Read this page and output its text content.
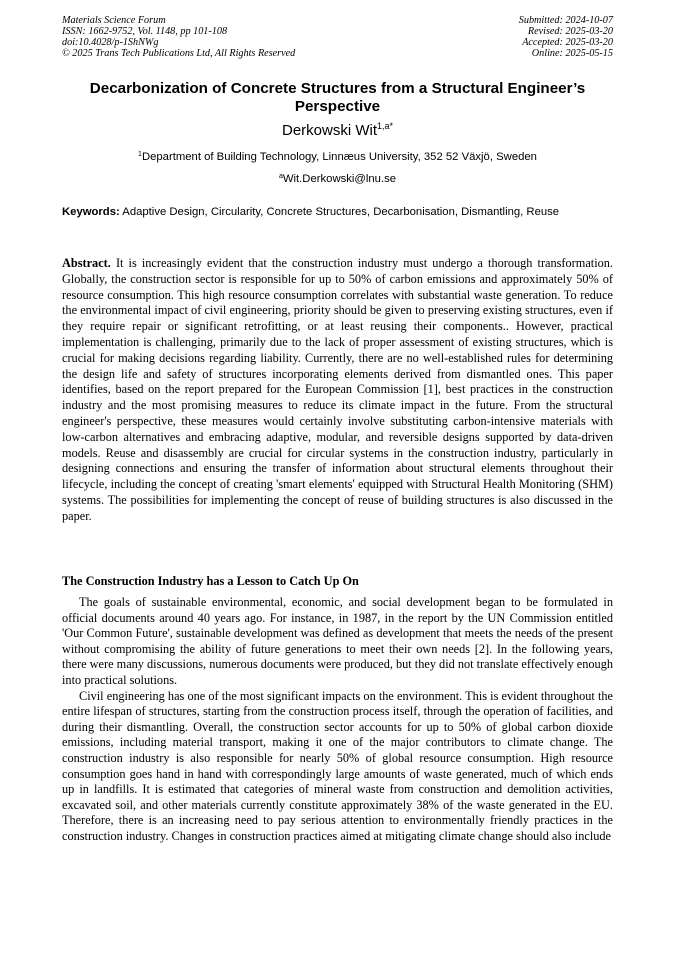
Materials Science Forum
ISSN: 1662-9752, Vol. 1148, pp 101-108
doi:10.4028/p-1ShNWg
© 2025 Trans Tech Publications Ltd, All Rights Reserved
Submitted: 2024-10-07
Revised: 2025-03-20
Accepted: 2025-03-20
Online: 2025-05-15
Decarbonization of Concrete Structures from a Structural Engineer’s Perspective
Derkowski Wit$^{1,a*}$
$^1$Department of Building Technology, Linnæus University, 352 52 Växjö, Sweden
$^a$Wit.Derkowski@lnu.se
Keywords: Adaptive Design, Circularity, Concrete Structures, Decarbonisation, Dismantling, Reuse
Abstract. It is increasingly evident that the construction industry must undergo a thorough transformation. Globally, the construction sector is responsible for up to 50% of carbon emissions and approximately 50% of resource consumption. This high resource consumption correlates with substantial waste generation. To reduce the environmental impact of civil engineering, priority should be given to preserving existing structures, even if they require repair or significant retrofitting, or at least reusing their components.. However, practical implementation is challenging, primarily due to the lack of proper assessment of existing structures, which is crucial for making decisions regarding liability. Currently, there are no well-established rules for determining the design life and safety of structures incorporating elements derived from dismantled ones. This paper identifies, based on the report prepared for the European Commission [1], best practices in the construction industry and the most promising measures to reduce its climate impact in the future. From the structural engineer's perspective, these measures would certainly involve substituting carbon-intensive materials with low-carbon alternatives and embracing adaptive, modular, and reversible designs supported by data-driven models. Reuse and disassembly are crucial for circular systems in the construction industry, particularly in designing connections and ensuring the transfer of information about structural elements throughout their lifecycle, including the concept of creating 'smart elements' equipped with Structural Health Monitoring (SHM) systems. The possibilities for implementing the concept of reuse of building structures is also discussed in the paper.
The Construction Industry has a Lesson to Catch Up On

The goals of sustainable environmental, economic, and social development began to be formulated in official documents around 40 years ago. For instance, in 1987, in the report by the UN Commission entitled 'Our Common Future', sustainable development was defined as development that meets the needs of the present without compromising the ability of future generations to meet their own needs [2]. In the following years, there were many discussions, numerous documents were produced, but they did not translate effectively enough into practical solutions.

Civil engineering has one of the most significant impacts on the environment. This is evident throughout the entire lifespan of structures, starting from the construction process itself, through the operation of facilities, and during their dismantling. Overall, the construction sector accounts for up to 50% of global carbon dioxide emissions, including material transport, making it one of the major contributors to climate change. The construction industry is also responsible for nearly 50% of global resource consumption. High resource consumption goes hand in hand with correspondingly large amounts of waste generated, much of which ends up in landfills. It is estimated that categories of mineral waste from construction and demolition activities, excavated soil, and other materials currently constitute approximately 38% of the waste generated in the EU. Therefore, there is an increasing need to pay serious attention to environmentally friendly practices in the construction industry. Changes in construction practices aimed at mitigating climate change should also include
